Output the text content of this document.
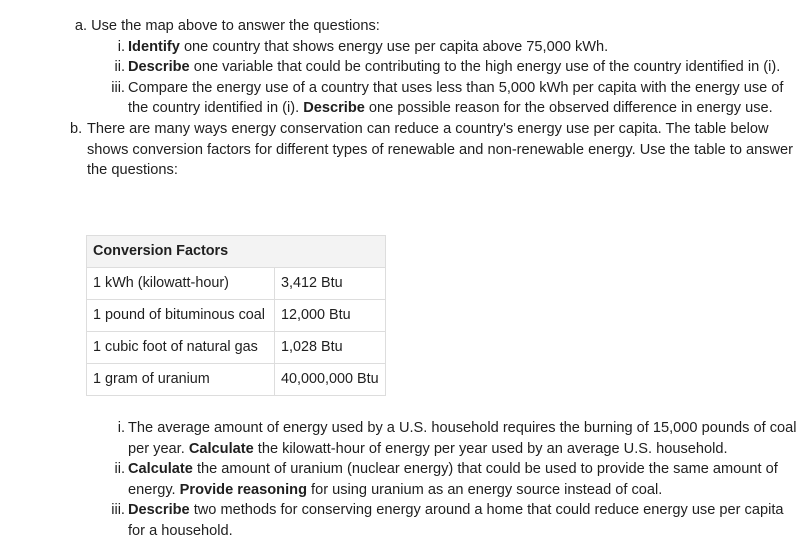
a. Use the map above to answer the questions:
i. Identify one country that shows energy use per capita above 75,000 kWh.
ii. Describe one variable that could be contributing to the high energy use of the country identified in (i).
iii. Compare the energy use of a country that uses less than 5,000 kWh per capita with the energy use of
the country identified in (i). Describe one possible reason for the observed difference in energy use.
b. There are many ways energy conservation can reduce a country's energy use per capita. The table below
shows conversion factors for different types of renewable and non-renewable energy. Use the table to answer
the questions:
Conversion Factors	
1 kWh (kilowatt-hour)	3,412 Btu
1 pound of bituminous coal	12,000 Btu
1 cubic foot of natural gas	1,028 Btu
1 gram of uranium	40,000,000 Btu
i. The average amount of energy used by a U.S. household requires the burning of 15,000 pounds of coal
per year. Calculate the kilowatt-hour of energy per year used by an average U.S. household.
ii. Calculate the amount of uranium (nuclear energy) that could be used to provide the same amount of
energy. Provide reasoning for using uranium as an energy source instead of coal.
iii. Describe two methods for conserving energy around a home that could reduce energy use per capita
for a household.
